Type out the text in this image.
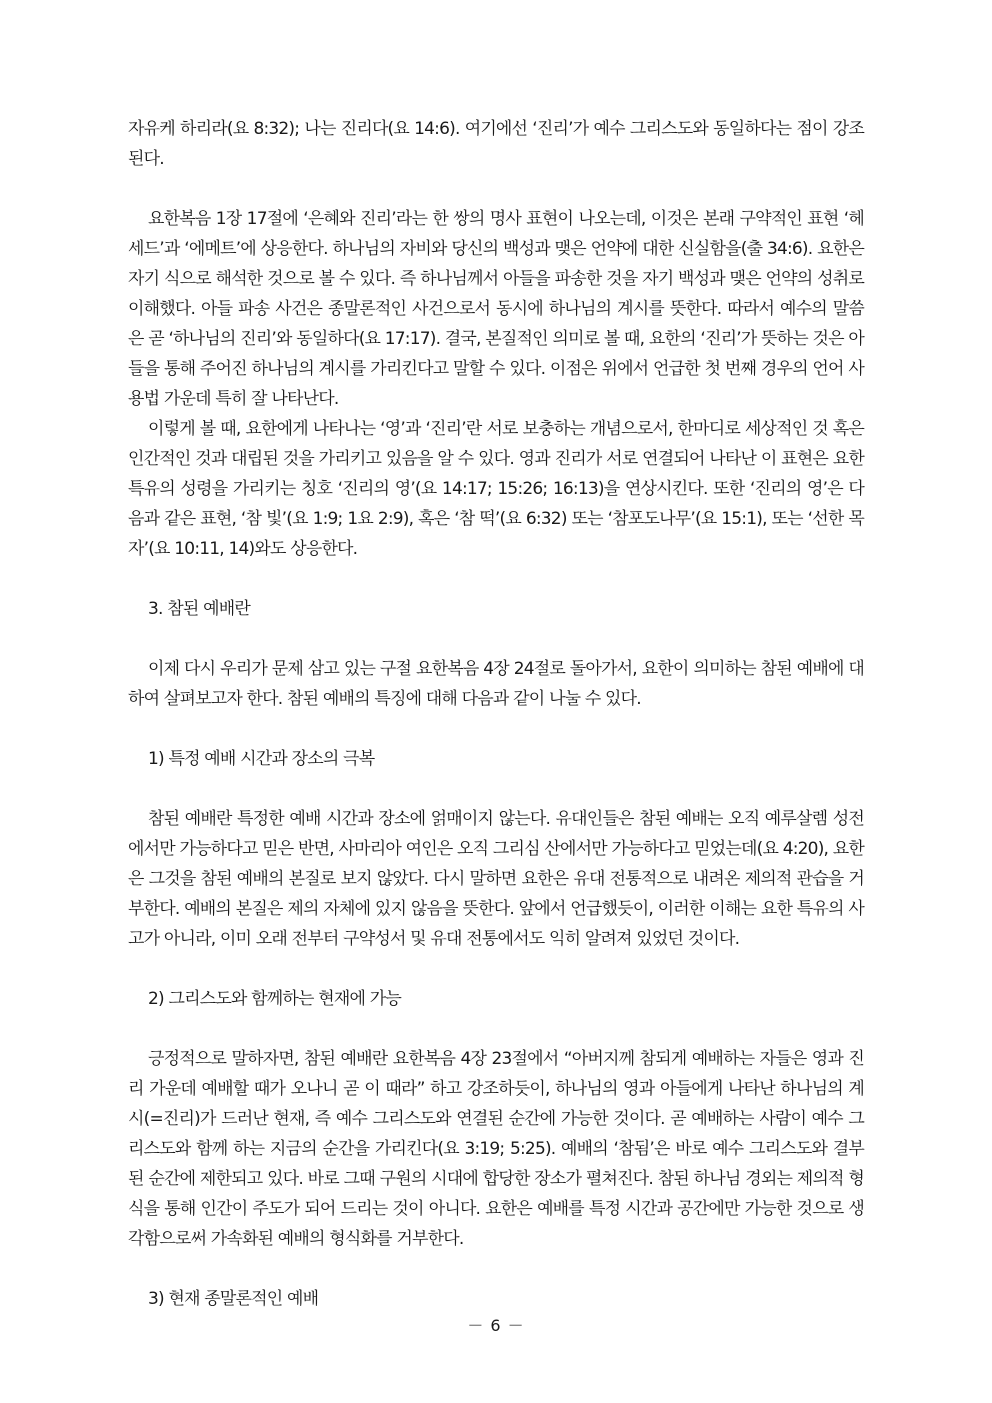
자유케 하리라(요 8:32); 나는 진리다(요 14:6). 여기에선 ‘진리’가 예수 그리스도와 동일하다는 점이 강조된다.

요한복음 1장 17절에 ‘은혜와 진리’라는 한 쌍의 명사 표현이 나오는데, 이것은 본래 구약적인 표현 ‘헤세드’과 ‘에메트’에 상응한다. 하나님의 자비와 당신의 백성과 맺은 언약에 대한 신실함을(출 34:6). 요한은 자기 식으로 해석한 것으로 볼 수 있다. 즉 하나님께서 아들을 파송한 것을 자기 백성과 맺은 언약의 성취로 이해했다. 아들 파송 사건은 종말론적인 사건으로서 동시에 하나님의 계시를 뜻한다. 따라서 예수의 말씀은 곧 ‘하나님의 진리’와 동일하다(요 17:17). 결국, 본질적인 의미로 볼 때, 요한의 ‘진리’가 뜻하는 것은 아들을 통해 주어진 하나님의 계시를 가리킨다고 말할 수 있다. 이점은 위에서 언급한 첫 번째 경우의 언어 사용법 가운데 특히 잘 나타난다.

이렇게 볼 때, 요한에게 나타나는 ‘영’과 ‘진리’란 서로 보충하는 개념으로서, 한마디로 세상적인 것 혹은 인간적인 것과 대립된 것을 가리키고 있음을 알 수 있다. 영과 진리가 서로 연결되어 나타난 이 표현은 요한 특유의 성령을 가리키는 칭호 ‘진리의 영’(요 14:17; 15:26; 16:13)을 연상시킨다. 또한 ‘진리의 영’은 다음과 같은 표현, ‘참 빛’(요 1:9; 1요 2:9), 혹은 ‘참 떡’(요 6:32) 또는 ‘참포도나무’(요 15:1), 또는 ‘선한 목자’(요 10:11, 14)와도 상응한다.

3. 참된 예배란

이제 다시 우리가 문제 삼고 있는 구절 요한복음 4장 24절로 돌아가서, 요한이 의미하는 참된 예배에 대하여 살펴보고자 한다. 참된 예배의 특징에 대해 다음과 같이 나눌 수 있다.

1) 특정 예배 시간과 장소의 극복

참된 예배란 특정한 예배 시간과 장소에 얽매이지 않는다. 유대인들은 참된 예배는 오직 예루살렘 성전에서만 가능하다고 믿은 반면, 사마리아 여인은 오직 그리심 산에서만 가능하다고 믿었는데(요 4:20), 요한은 그것을 참된 예배의 본질로 보지 않았다. 다시 말하면 요한은 유대 전통적으로 내려온 제의적 관습을 거부한다. 예배의 본질은 제의 자체에 있지 않음을 뜻한다. 앞에서 언급했듯이, 이러한 이해는 요한 특유의 사고가 아니라, 이미 오래 전부터 구약성서 및 유대 전통에서도 익히 알려져 있었던 것이다.

2) 그리스도와 함께하는 현재에 가능

긍정적으로 말하자면, 참된 예배란 요한복음 4장 23절에서 “아버지께 참되게 예배하는 자들은 영과 진리 가운데 예배할 때가 오나니 곧 이 때라” 하고 강조하듯이, 하나님의 영과 아들에게 나타난 하나님의 계시(=진리)가 드러난 현재, 즉 예수 그리스도와 연결된 순간에 가능한 것이다. 곧 예배하는 사람이 예수 그리스도와 함께 하는 지금의 순간을 가리킨다(요 3:19; 5:25). 예배의 ‘참됨’은 바로 예수 그리스도와 결부된 순간에 제한되고 있다. 바로 그때 구원의 시대에 합당한 장소가 펼쳐진다. 참된 하나님 경외는 제의적 형식을 통해 인간이 주도가 되어 드리는 것이 아니다. 요한은 예배를 특정 시간과 공간에만 가능한 것으로 생각함으로써 가속화된 예배의 형식화를 거부한다.

3) 현재 종말론적인 예배

－ 6 －
